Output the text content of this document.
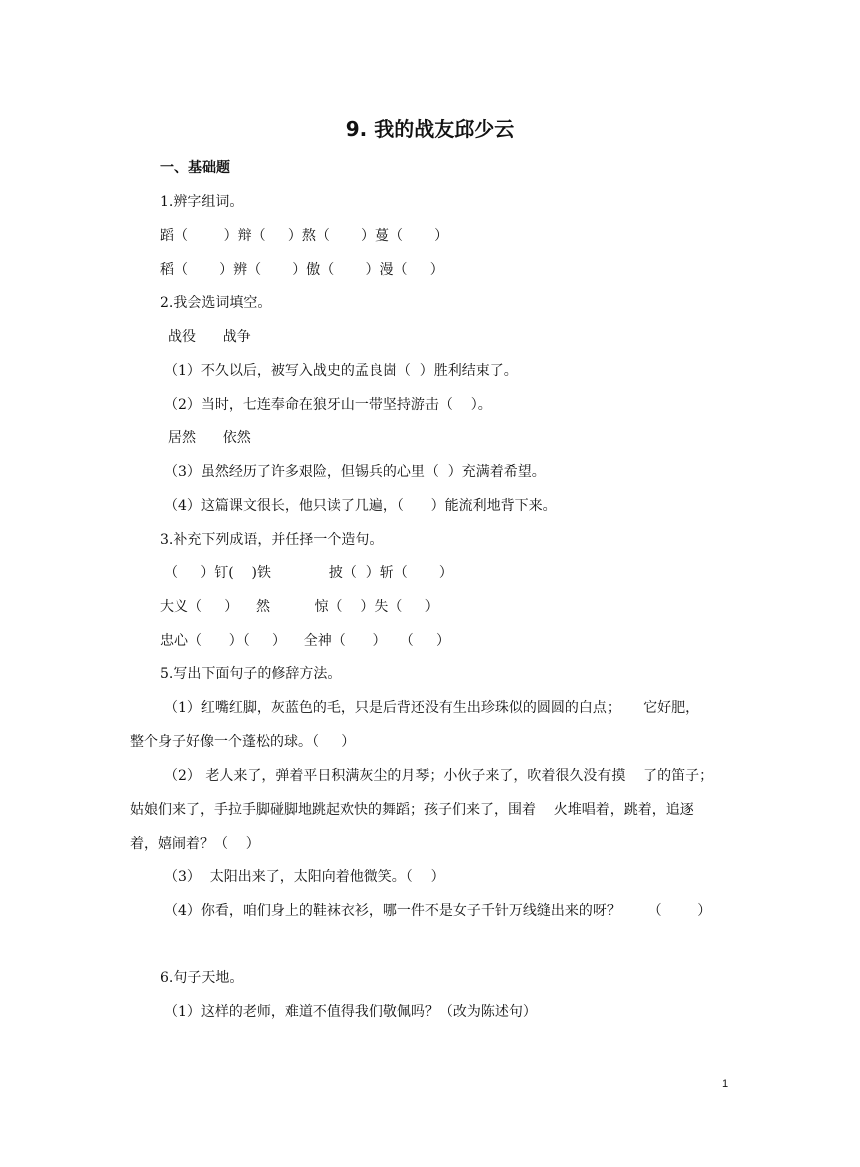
9. 我的战友邱少云
一、基础题
1.辨字组词。
蹈（        ）辩（     ）熬（       ）蔓（       ）
稻（       ）辨（       ）傲（       ）漫（     ）
2.我会选词填空。
战役      战争
（1）不久以后，被写入战史的孟良崮（  ）胜利结束了。
（2）当时，七连奉命在狼牙山一带坚持游击（    ）。
居然      依然
（3）虽然经历了许多艰险，但锡兵的心里（  ）充满着希望。
（4）这篇课文很长，他只读了几遍，（      ）能流利地背下来。
3.补充下列成语，并任择一个造句。
（     ）钉(    )铁             披（  ）斩（       ）
大义（     ）    然          惊（    ）失（     ）
忠心（      ）（     ）    全神（      ）   （     ）
5.写出下面句子的修辞方法。
（1）红嘴红脚，灰蓝色的毛，只是后背还没有生出珍珠似的圆圆的白点；     它好肥，
整个身子好像一个蓬松的球。（     ）
（2） 老人来了，弹着平日积满灰尘的月琴；小伙子来了，吹着很久没有摸    了的笛子；
姑娘们来了，手拉手脚碰脚地跳起欢快的舞蹈；孩子们来了，围着    火堆唱着，跳着，追逐
着，嬉闹着？（    ）
（3）  太阳出来了，太阳向着他微笑。（    ）
（4）你看，咱们身上的鞋袜衣衫，哪一件不是女子千针万线缝出来的呀？      （        ）
6.句子天地。
（1）这样的老师，难道不值得我们敬佩吗？（改为陈述句）
1
